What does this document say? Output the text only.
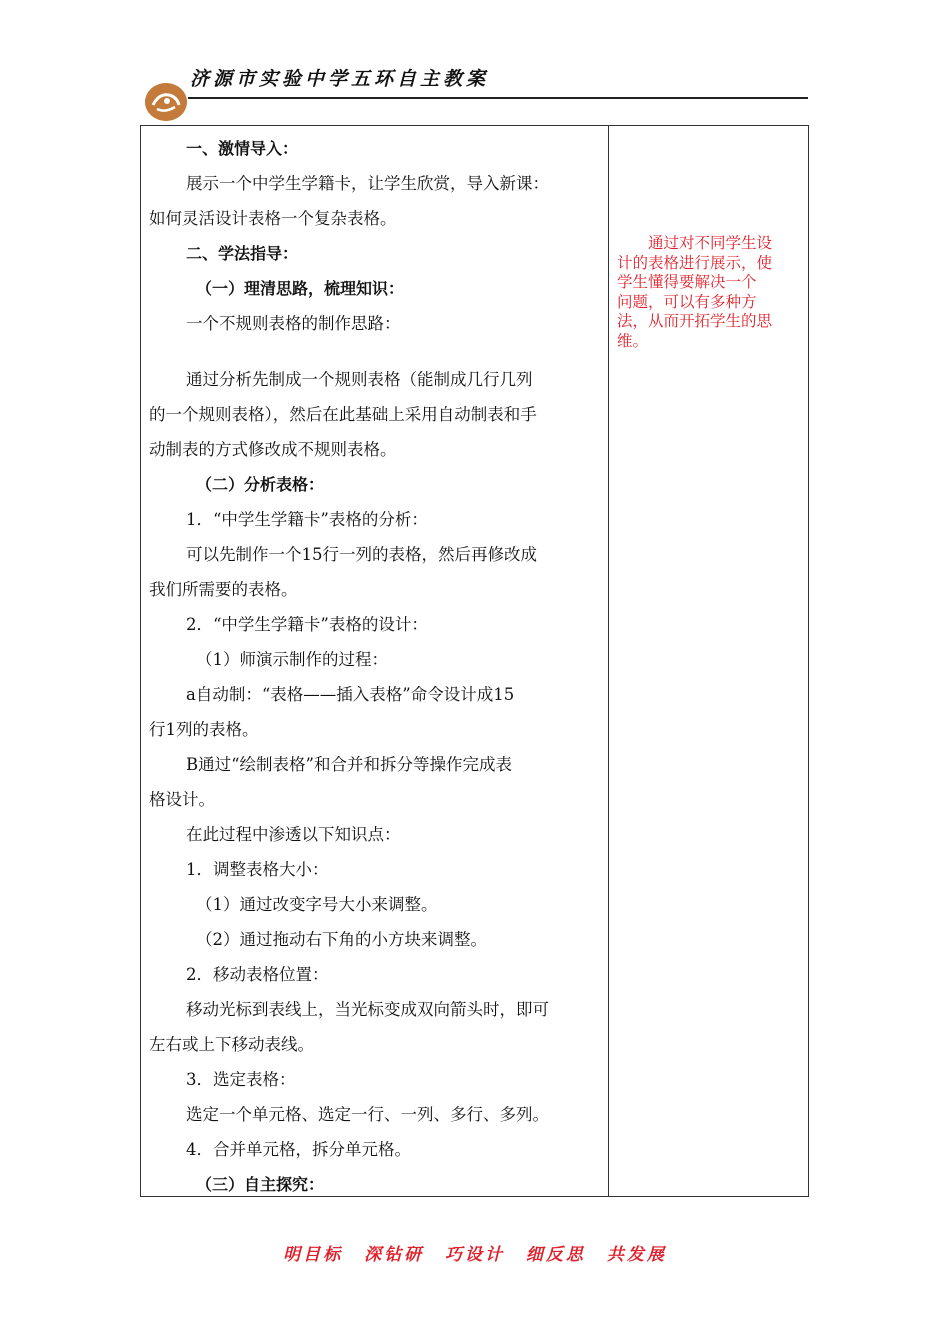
济源市实验中学五环自主教案
一、激情导入：
展示一个中学生学籍卡，让学生欣赏，导入新课：
如何灵活设计表格一个复杂表格。
二、学法指导：
（一）理清思路，梳理知识：
一个不规则表格的制作思路：
通过分析先制成一个规则表格（能制成几行几列
的一个规则表格），然后在此基础上采用自动制表和手
动制表的方式修改成不规则表格。
（二）分析表格：
1．“中学生学籍卡”表格的分析：
可以先制作一个15行一列的表格，然后再修改成
我们所需要的表格。
2．“中学生学籍卡”表格的设计：
（1）师演示制作的过程：
a自动制：“表格——插入表格”命令设计成15
行1列的表格。
B通过“绘制表格”和合并和拆分等操作完成表
格设计。
在此过程中渗透以下知识点：
1．调整表格大小：
（1）通过改变字号大小来调整。
（2）通过拖动右下角的小方块来调整。
2．移动表格位置：
移动光标到表线上，当光标变成双向箭头时，即可
左右或上下移动表线。
3．选定表格：
选定一个单元格、选定一行、一列、多行、多列。
4．合并单元格，拆分单元格。
（三）自主探究：
通过对不同学生设
计的表格进行展示，使
学生懂得要解决一个
问题，可以有多种方
法，从而开拓学生的思
维。
明目标 深钻研 巧设计 细反思 共发展
